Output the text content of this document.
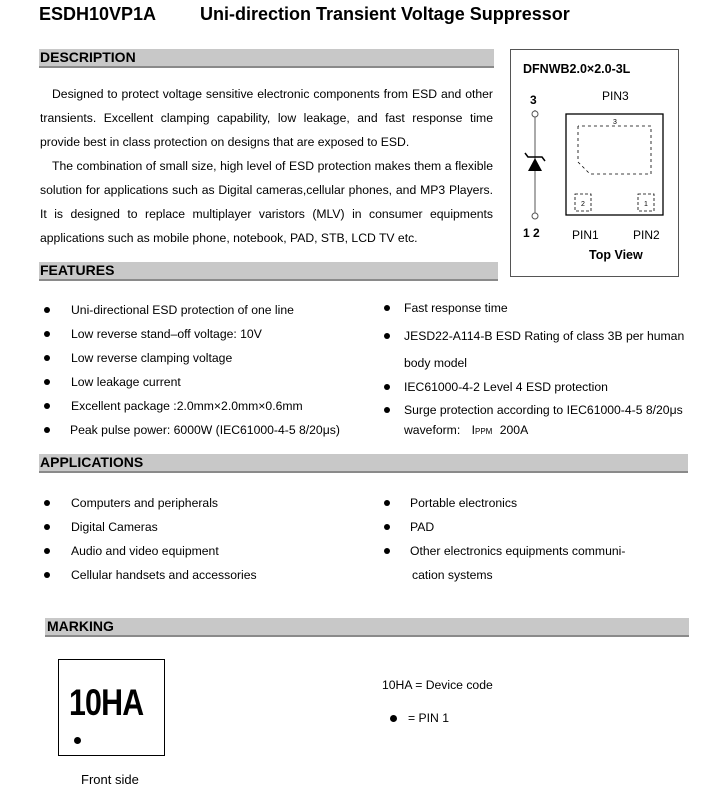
ESDH10VP1A Uni-direction Transient Voltage Suppressor
DESCRIPTION

Designed to protect voltage sensitive electronic components from ESD and other transients. Excellent clamping capability, low leakage, and fast response time provide best in class protection on designs that are exposed to ESD.

The combination of small size, high level of ESD protection makes them a flexible solution for applications such as Digital cameras,cellular phones, and MP3 Players. It is designed to replace multiplayer varistors (MLV) in consumer equipments applications such as mobile phone, notebook, PAD, STB, LCD TV etc.

DFNWB2.0×2.0-3L
PIN3
3
1 2	PIN1	PIN2
Top View
3
2	1
FEATURES
Uni-directional ESD protection of one line
Low reverse stand–off voltage: 10V
Low reverse clamping voltage
Low leakage current
Excellent package :2.0mm×2.0mm×0.6mm
Peak pulse power: 6000W (IEC61000-4-5 8/20μs)
Fast response time
JESD22-A114-B ESD Rating of class 3B per human
body model
IEC61000-4-2 Level 4 ESD protection
Surge protection according to IEC61000-4-5 8/20μs
waveform: IPPM 200A
APPLICATIONS
Computers and peripherals
Digital Cameras
Audio and video equipment
Cellular handsets and accessories
Portable electronics
PAD
Other electronics equipments communi-
cation systems
MARKING
10HA
Front side
10HA = Device code
= PIN 1
